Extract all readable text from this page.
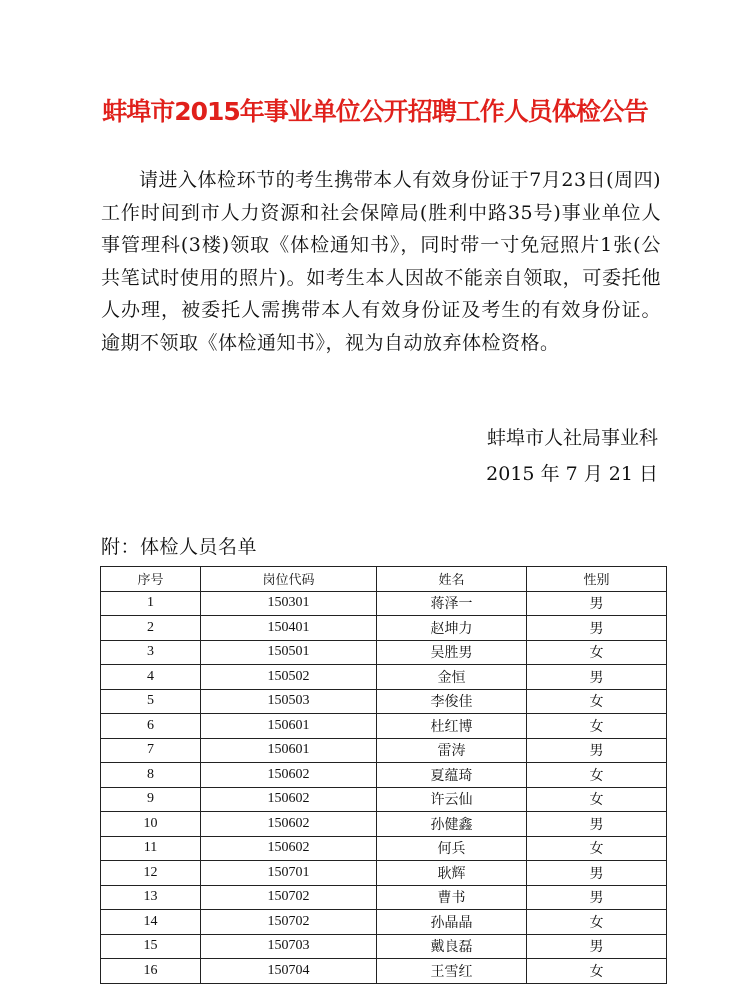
蚌埠市2015年事业单位公开招聘工作人员体检公告
请进入体检环节的考生携带本人有效身份证于7月23日(周四)工作时间到市人力资源和社会保障局(胜利中路35号)事业单位人事管理科(3楼)领取《体检通知书》，同时带一寸免冠照片1张(公共笔试时使用的照片)。如考生本人因故不能亲自领取，可委托他人办理，被委托人需携带本人有效身份证及考生的有效身份证。逾期不领取《体检通知书》，视为自动放弃体检资格。
蚌埠市人社局事业科
2015 年 7 月 21 日
附：体检人员名单
序号	岗位代码	姓名	性别
1	150301	蒋泽一	男
2	150401	赵坤力	男
3	150501	吴胜男	女
4	150502	金恒	男
5	150503	李俊佳	女
6	150601	杜红博	女
7	150601	雷涛	男
8	150602	夏蕴琦	女
9	150602	许云仙	女
10	150602	孙健鑫	男
11	150602	何兵	女
12	150701	耿辉	男
13	150702	曹书	男
14	150702	孙晶晶	女
15	150703	戴良磊	男
16	150704	王雪红	女
